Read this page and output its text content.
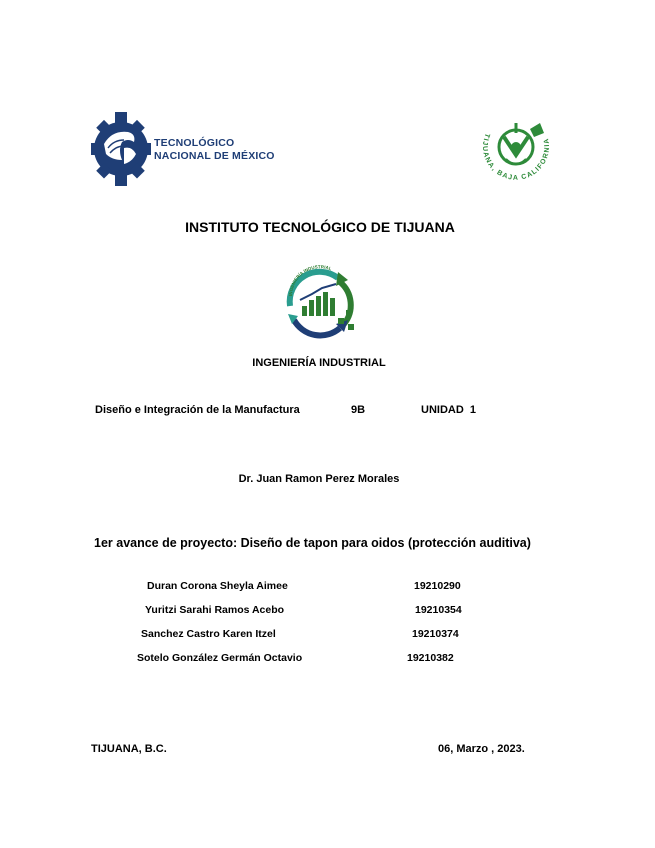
TECNOLÓGICO
NACIONAL DE MÉXICO
TIJUANA, BAJA CALIFORNIA
INSTITUTO TECNOLÓGICO DE TIJUANA
INGENIERÍA INDUSTRIAL
INGENIERÍA INDUSTRIAL
Diseño e Integración de la Manufactura	9B	UNIDAD  1
Dr. Juan Ramon Perez Morales
1er avance de proyecto: Diseño de tapon para oidos (protección auditiva)
Duran Corona Sheyla Aimee	19210290
Yuritzi Sarahi Ramos Acebo	19210354
Sanchez Castro Karen Itzel	19210374
Sotelo González Germán Octavio	19210382
TIJUANA, B.C.	06, Marzo , 2023.
